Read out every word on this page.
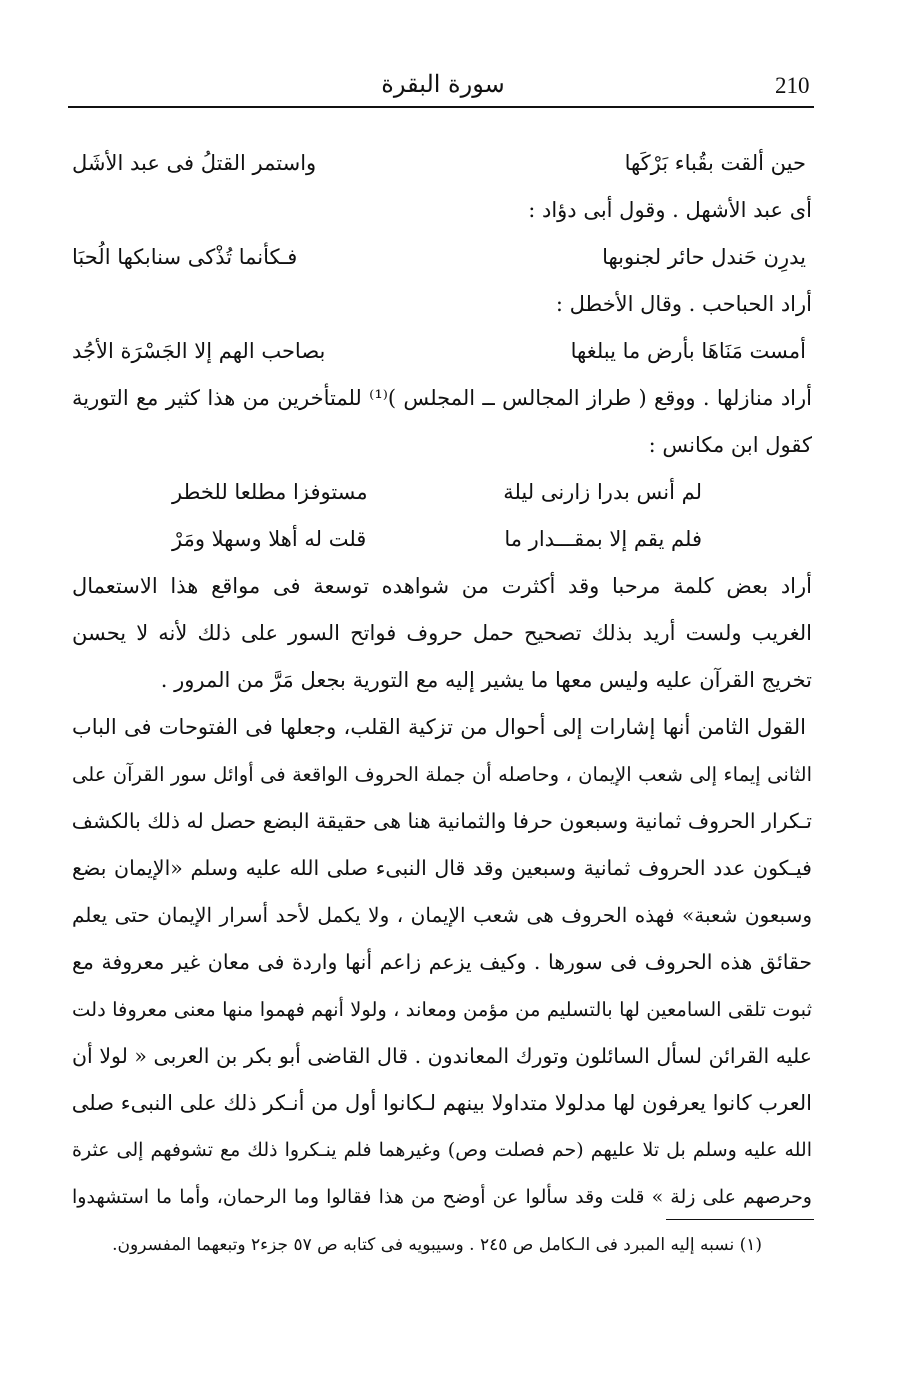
210
سورة البقرة
حين ألقت بقُباء بَرْكَها
واستمر القتلُ فى عبد الأشَل
أى عبد الأشهل . وقول أبى دؤاد :
يدرِن حَندل حائر لجنوبها
فـكأنما تُذْكى سنابكها الُحبَا
أراد الحباحب . وقال الأخطل :
أمست مَنَاهَا بأرض ما يبلغها
بصاحب الهم إلا الجَسْرَة الأجُد
أراد منازلها . ووقع ( طراز المجالس ــ المجلس )⁽¹⁾ للمتأخرين من هذا كثير مع التورية
كقول ابن مكانس :
لم أنس بدرا زارنى ليلة
مستوفزا مطلعا للخطر
فلم يقم إلا بمقـــدار ما
قلت له أهلا وسهلا ومَرْ
أراد بعض كلمة مرحبا وقد أكثرت من شواهده توسعة فى مواقع هذا الاستعمال
الغريب ولست أريد بذلك تصحيح حمل حروف فواتح السور على ذلك لأنه لا يحسن
تخريج القرآن عليه وليس معها ما يشير إليه مع التورية بجعل مَرَّ من المرور .
القول الثامن أنها إشارات إلى أحوال من تزكية القلب، وجعلها فى الفتوحات فى الباب
الثانى إيماء إلى شعب الإيمان ، وحاصله أن جملة الحروف الواقعة فى أوائل سور القرآن على
تـكرار الحروف ثمانية وسبعون حرفا والثمانية هنا هى حقيقة البضع حصل له ذلك بالكشف
فيـكون عدد الحروف ثمانية وسبعين وقد قال النبىء صلى الله عليه وسلم «الإيمان بضع
وسبعون شعبة» فهذه الحروف هى شعب الإيمان ، ولا يكمل لأحد أسرار الإيمان حتى يعلم
حقائق هذه الحروف فى سورها . وكيف يزعم زاعم أنها واردة فى معان غير معروفة مع
ثبوت تلقى السامعين لها بالتسليم من مؤمن ومعاند ، ولولا أنهم فهموا منها معنى معروفا دلت
عليه القرائن لسأل السائلون وتورك المعاندون . قال القاضى أبو بكر بن العربى « لولا أن
العرب كانوا يعرفون لها مدلولا متداولا بينهم لـكانوا أول من أنـكر ذلك على النبىء صلى
الله عليه وسلم بل تلا عليهم (حم فصلت وص) وغيرهما فلم ينـكروا ذلك مع تشوفهم إلى عثرة
وحرصهم على زلة » قلت وقد سألوا عن أوضح من هذا فقالوا وما الرحمان، وأما ما استشهدوا
(١) نسبه إليه المبرد فى الـكامل ص ٢٤٥ . وسيبويه فى كتابه ص ٥٧ جزء٢ وتبعهما المفسرون.
